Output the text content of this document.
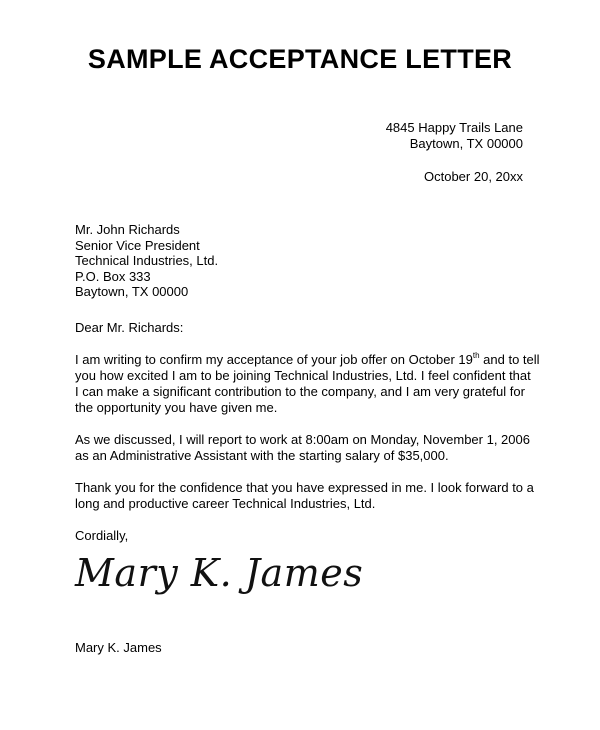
SAMPLE ACCEPTANCE LETTER
4845 Happy Trails Lane
Baytown, TX 00000
October 20, 20xx
Mr. John Richards
Senior Vice President
Technical Industries, Ltd.
P.O. Box 333
Baytown, TX 00000

Dear Mr. Richards:

I am writing to confirm my acceptance of your job offer on October 19th and to tell
you how excited I am to be joining Technical Industries, Ltd. I feel confident that
I can make a significant contribution to the company, and I am very grateful for
the opportunity you have given me.

As we discussed, I will report to work at 8:00am on Monday, November 1, 2006
as an Administrative Assistant with the starting salary of $35,000.

Thank you for the confidence that you have expressed in me. I look forward to a
long and productive career Technical Industries, Ltd.

Cordially,

Mary K. James
Mary K. James
